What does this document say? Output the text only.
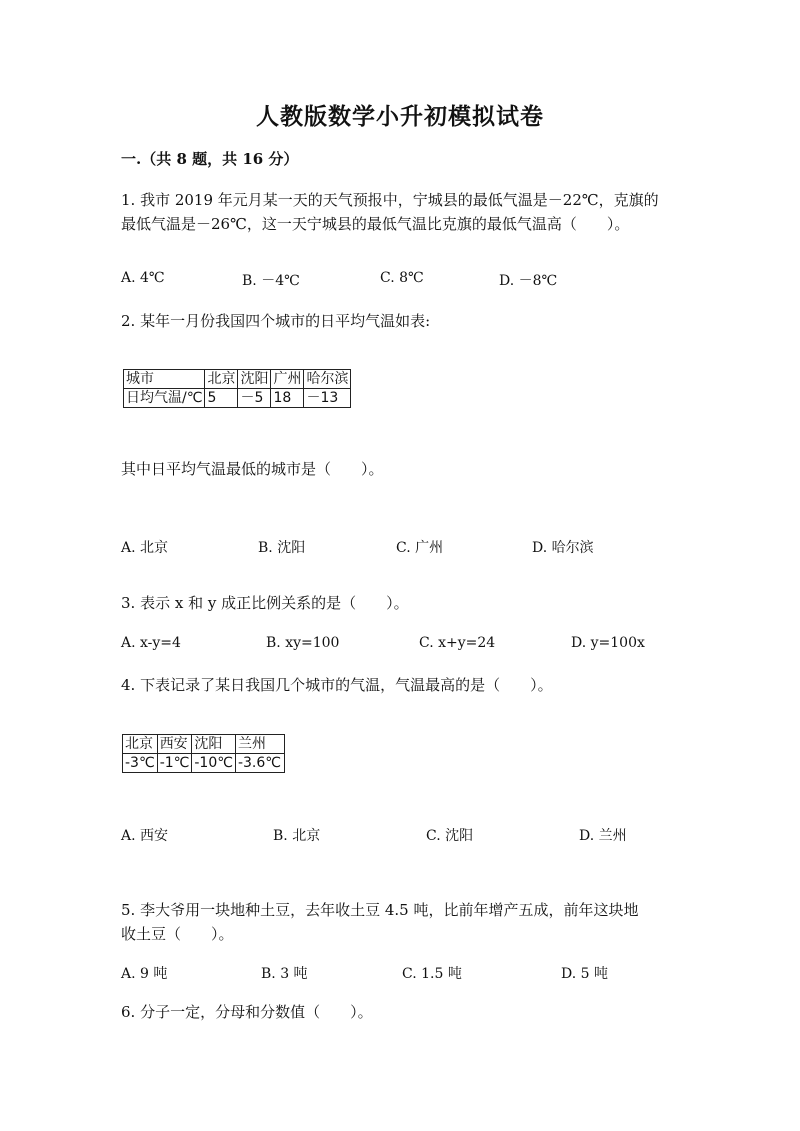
人教版数学小升初模拟试卷
一.（共 8 题，共 16 分）
1. 我市 2019 年元月某一天的天气预报中，宁城县的最低气温是－22℃，克旗的
最低气温是－26℃，这一天宁城县的最低气温比克旗的最低气温高（　　）。
A. 4℃	B. －4℃	C. 8℃	D. －8℃
2. 某年一月份我国四个城市的日平均气温如表:
城市	北京	沈阳	广州	哈尔滨
日均气温/℃	5	－5	18	－13
其中日平均气温最低的城市是（　　）。
A. 北京	B. 沈阳	C. 广州	D. 哈尔滨
3. 表示 x 和 y 成正比例关系的是（　　）。
A. x-y=4	B. xy=100	C. x+y=24	D. y=100x
4. 下表记录了某日我国几个城市的气温，气温最高的是（　　）。
北京	西安	沈阳	兰州
-3℃	-1℃	-10℃	-3.6℃
A. 西安	B. 北京	C. 沈阳	D. 兰州
5. 李大爷用一块地种土豆，去年收土豆 4.5 吨，比前年增产五成，前年这块地
收土豆（　　）。
A. 9 吨	B. 3 吨	C. 1.5 吨	D. 5 吨
6. 分子一定，分母和分数值（　　）。
